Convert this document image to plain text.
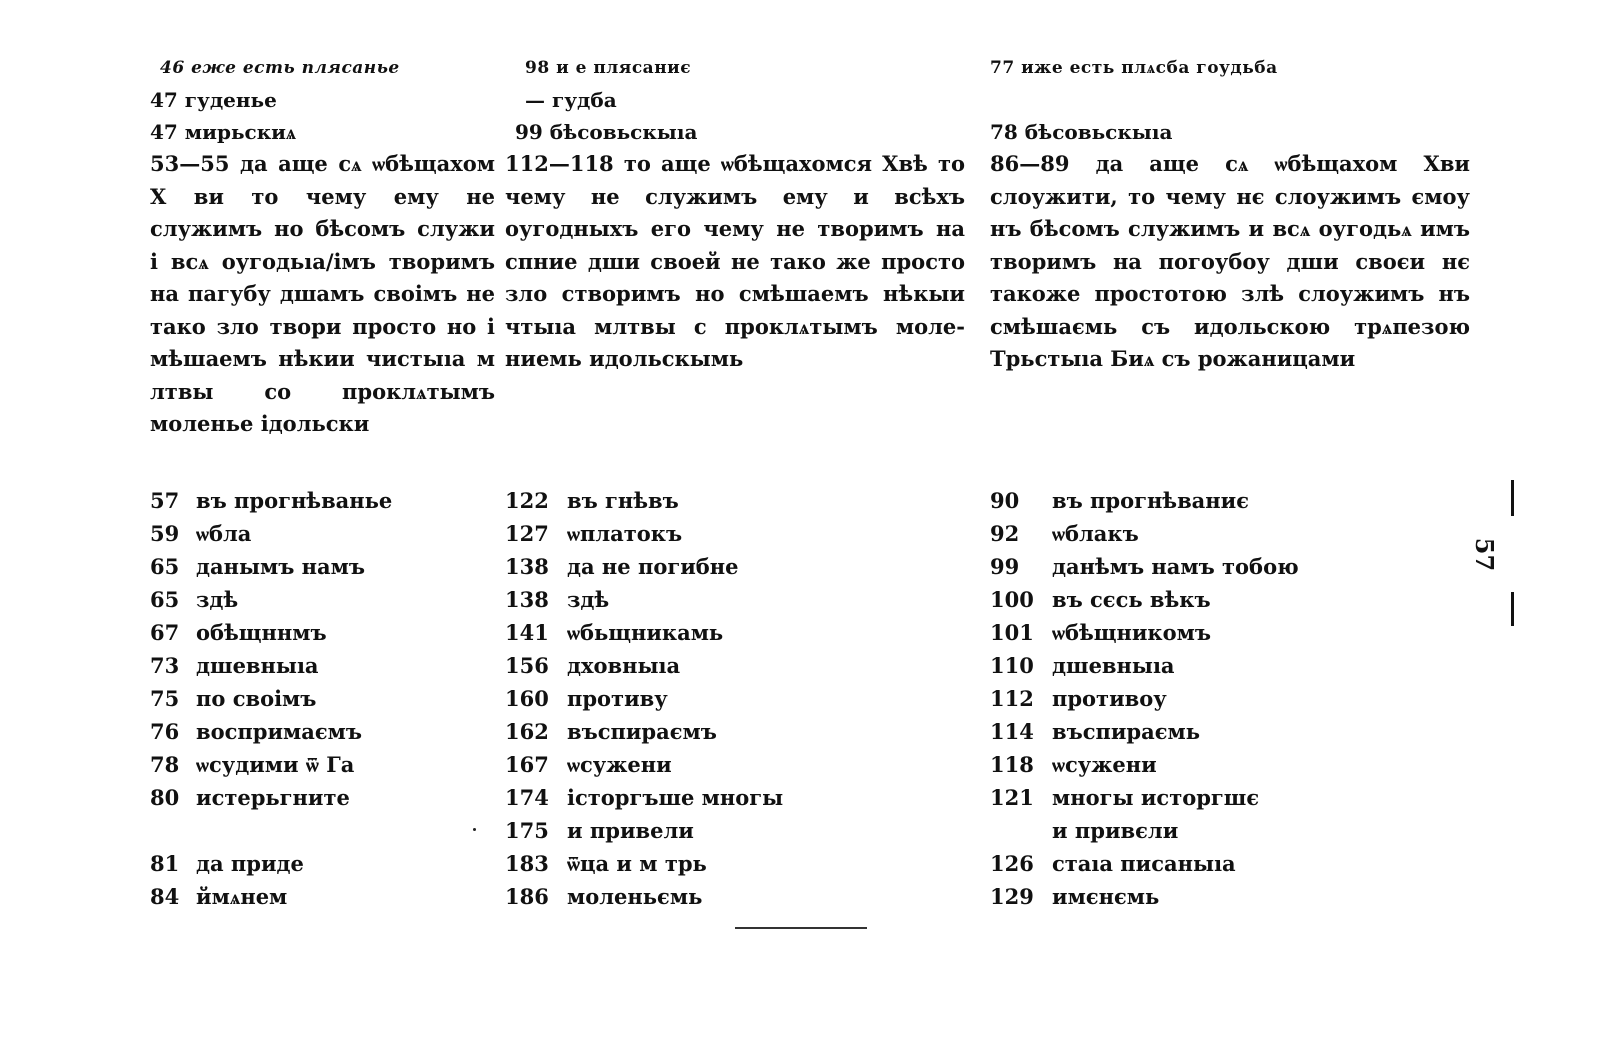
46 еже есть плясанье
47 гуденье
47 мирьскиѧ

53—55 да аще сѧ ѡбѣщахом Х ви то чему ему не служимъ но бѣсомъ служи і всѧ оугодьıа/імъ творимъ на пагубу дшамъ своімъ не тако зло твори просто но і мѣшаемъ нѣкии чистыıа м лтвы со проклѧтымъ моленье ідольски

57 въ прогнѣванье
59 ѡбла
65 данымъ намъ
65 здѣ
67 обѣщннмъ
73 дшевныıа
75 по своімъ
76 воспримаємъ
78 ѡсудими ѿ Га
80 истерьгните
81 да приде
84 ймѧнем
98 и е плясаниє
— гудба
99 бѣсовьскыıа

112—118 то аще ѡбѣщахомся Хвѣ то чему не служимъ ему и всѣхъ оугодныхъ его чему не творимъ на спние дши своей не тако же просто зло створимъ но смѣшаемъ нѣкыи чтыıа млтвы с проклѧтымъ моле-ниемь идольскымь

122 въ гнѣвъ
127 ѡплатокъ
138 да не погибне
138 здѣ
141 ѡбьщникамь
156 дховныıа
160 противу
162 въспираємъ
167 ѡсужени
174 історгъше многы
175 и привели
183 ѿца и м трь
186 моленьємь
77 иже есть плѧсба гоудьба
78 бѣсовьскыıа

86—89 да аще сѧ ѡбѣщахом Хви слоужити, то чему нє слоужимъ ємоу нъ бѣсомъ служимъ и всѧ оугодьѧ имъ творимъ на погоубоу дши своєи нє такоже простотою злѣ слоужимъ нъ смѣшаємь съ идольскою трѧпезою Трьстыıа Биѧ съ рожаницами

90	въ прогнѣваниє
92	ѡблакъ
99	данѣмъ намъ тобою
100 въ сєсь вѣкъ
101 ѡбѣщникомъ
110 дшевныıа
112 противоу
114 въспираємь
118 ѡсужени
121 многы исторгшє
и привєли
126 стаıа писаныıа
129 имєнємь
57
